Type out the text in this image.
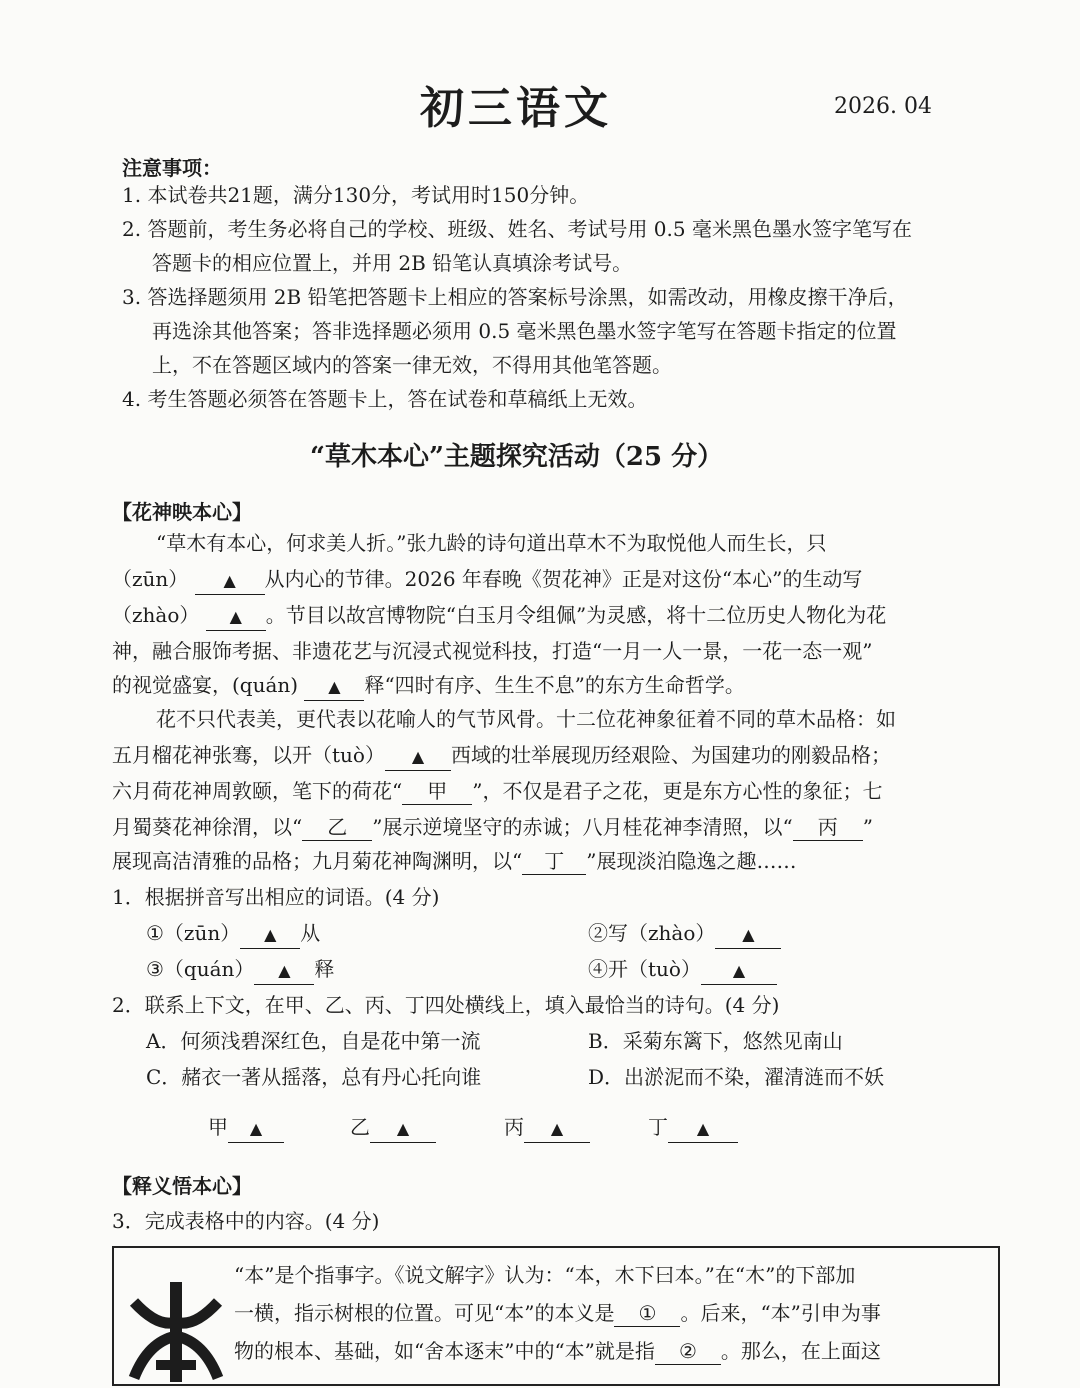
初三语文	2026. 04
注意事项：
1. 本试卷共21题，满分130分，考试用时150分钟。
2. 答题前，考生务必将自己的学校、班级、姓名、考试号用 0.5 毫米黑色墨水签字笔写在
答题卡的相应位置上，并用 2B 铅笔认真填涂考试号。
3. 答选择题须用 2B 铅笔把答题卡上相应的答案标号涂黑，如需改动，用橡皮擦干净后，
再选涂其他答案；答非选择题必须用 0.5 毫米黑色墨水签字笔写在答题卡指定的位置
上，不在答题区域内的答案一律无效，不得用其他笔答题。
4. 考生答题必须答在答题卡上，答在试卷和草稿纸上无效。
“草木本心”主题探究活动（25 分）
【花神映本心】
“草木有本心，何求美人折。”张九龄的诗句道出草木不为取悦他人而生长，只
（zūn） ▲ 从内心的节律。2026 年春晚《贺花神》正是对这份“本心”的生动写
（zhào） ▲ 。节目以故宫博物院“白玉月令组佩”为灵感，将十二位历史人物化为花
神，融合服饰考据、非遗花艺与沉浸式视觉科技，打造“一月一人一景，一花一态一观”
的视觉盛宴，(quán) ▲ 释“四时有序、生生不息”的东方生命哲学。
花不只代表美，更代表以花喻人的气节风骨。十二位花神象征着不同的草木品格：如
五月榴花神张骞，以开（tuò） ▲ 西域的壮举展现历经艰险、为国建功的刚毅品格；
六月荷花神周敦颐，笔下的荷花“ 甲 ”，不仅是君子之花，更是东方心性的象征；七
月蜀葵花神徐渭，以“ 乙 ”展示逆境坚守的赤诚；八月桂花神李清照，以“ 丙 ”
展现高洁清雅的品格；九月菊花神陶渊明，以“ 丁 ”展现淡泊隐逸之趣……
1．根据拼音写出相应的词语。(4 分)
①（zūn） ▲ 从	②写（zhào） ▲
③（quán） ▲ 释	④开（tuò） ▲
2．联系上下文，在甲、乙、丙、丁四处横线上，填入最恰当的诗句。(4 分)
A．何须浅碧深红色，自是花中第一流	B．采菊东篱下，悠然见南山
C．赭衣一著从摇落，总有丹心托向谁	D．出淤泥而不染，濯清涟而不妖
甲 ▲	乙 ▲	丙 ▲	丁 ▲
【释义悟本心】
3．完成表格中的内容。(4 分)
“本”是个指事字。《说文解字》认为：“本，木下曰本。”在“木”的下部加
一横，指示树根的位置。可见“本”的本义是 ① 。后来，“本”引申为事
物的根本、基础，如“舍本逐末”中的“本”就是指 ② 。那么，在上面这
